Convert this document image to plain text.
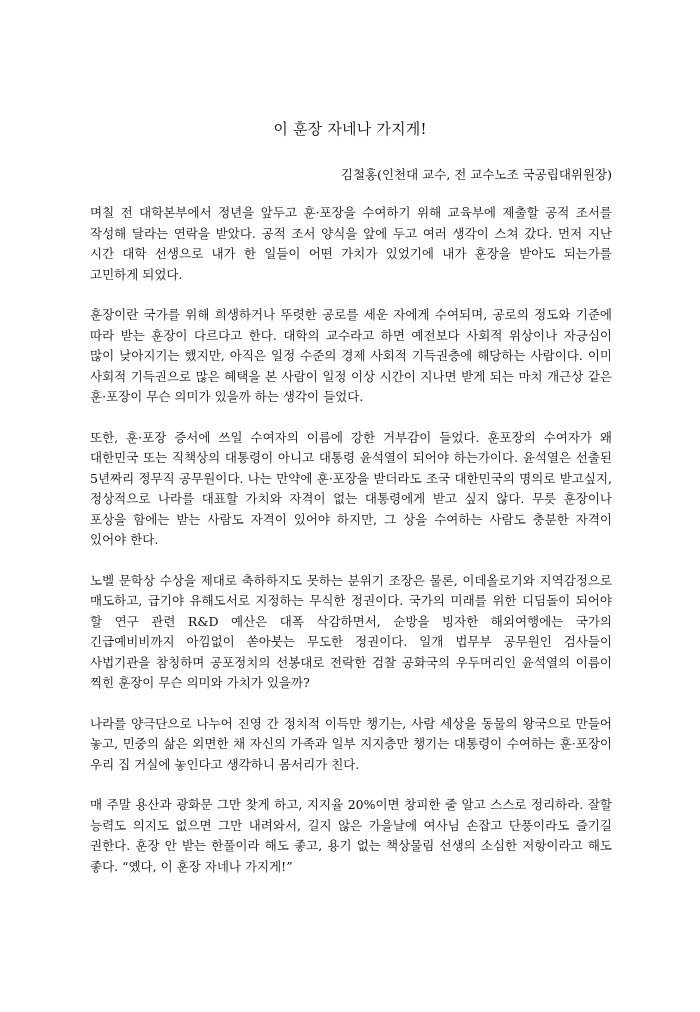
이 훈장 자네나 가지게!
김철홍(인천대 교수, 전 교수노조 국공립대위원장)

며칠 전 대학본부에서 정년을 앞두고 훈·포장을 수여하기 위해 교육부에 제출할 공적 조서를 작성해 달라는 연락을 받았다. 공적 조서 양식을 앞에 두고 여러 생각이 스쳐 갔다. 먼저 지난 시간 대학 선생으로 내가 한 일들이 어떤 가치가 있었기에 내가 훈장을 받아도 되는가를 고민하게 되었다.

훈장이란 국가를 위해 희생하거나 뚜렷한 공로를 세운 자에게 수여되며, 공로의 정도와 기준에 따라 받는 훈장이 다르다고 한다. 대학의 교수라고 하면 예전보다 사회적 위상이나 자긍심이 많이 낮아지기는 했지만, 아직은 일정 수준의 경제 사회적 기득권층에 해당하는 사람이다. 이미 사회적 기득권으로 많은 혜택을 본 사람이 일정 이상 시간이 지나면 받게 되는 마치 개근상 같은 훈·포장이 무슨 의미가 있을까 하는 생각이 들었다.

또한, 훈·포장 증서에 쓰일 수여자의 이름에 강한 거부감이 들었다. 훈포장의 수여자가 왜 대한민국 또는 직책상의 대통령이 아니고 대통령 윤석열이 되어야 하는가이다. 윤석열은 선출된 5년짜리 정무직 공무원이다. 나는 만약에 훈·포장을 받더라도 조국 대한민국의 명의로 받고싶지, 정상적으로 나라를 대표할 가치와 자격이 없는 대통령에게 받고 싶지 않다. 무릇 훈장이나 포상을 함에는 받는 사람도 자격이 있어야 하지만, 그 상을 수여하는 사람도 충분한 자격이 있어야 한다.

노벨 문학상 수상을 제대로 축하하지도 못하는 분위기 조장은 물론, 이데올로기와 지역감정으로 매도하고, 급기야 유해도서로 지정하는 무식한 정권이다. 국가의 미래를 위한 디딤돌이 되어야 할 연구 관련 R&D 예산은 대폭 삭감하면서, 순방을 빙자한 해외여행에는 국가의 긴급예비비까지 아낌없이 쏟아붓는 무도한 정권이다. 일개 법무부 공무원인 검사들이 사법기관을 참칭하며 공포정치의 선봉대로 전락한 검찰 공화국의 우두머리인 윤석열의 이름이 찍힌 훈장이 무슨 의미와 가치가 있을까?

나라를 양극단으로 나누어 진영 간 정치적 이득만 챙기는, 사람 세상을 동물의 왕국으로 만들어 놓고, 민중의 삶은 외면한 채 자신의 가족과 일부 지지층만 챙기는 대통령이 수여하는 훈·포장이 우리 집 거실에 놓인다고 생각하니 몸서리가 친다.

매 주말 용산과 광화문 그만 찾게 하고, 지지율 20%이면 창피한 줄 알고 스스로 정리하라. 잘할 능력도 의지도 없으면 그만 내려와서, 길지 않은 가을날에 여사님 손잡고 단풍이라도 즐기길 권한다. 훈장 안 받는 한풀이라 해도 좋고, 용기 없는 책상물림 선생의 소심한 저항이라고 해도 좋다. “옜다, 이 훈장 자네나 가지게!”
